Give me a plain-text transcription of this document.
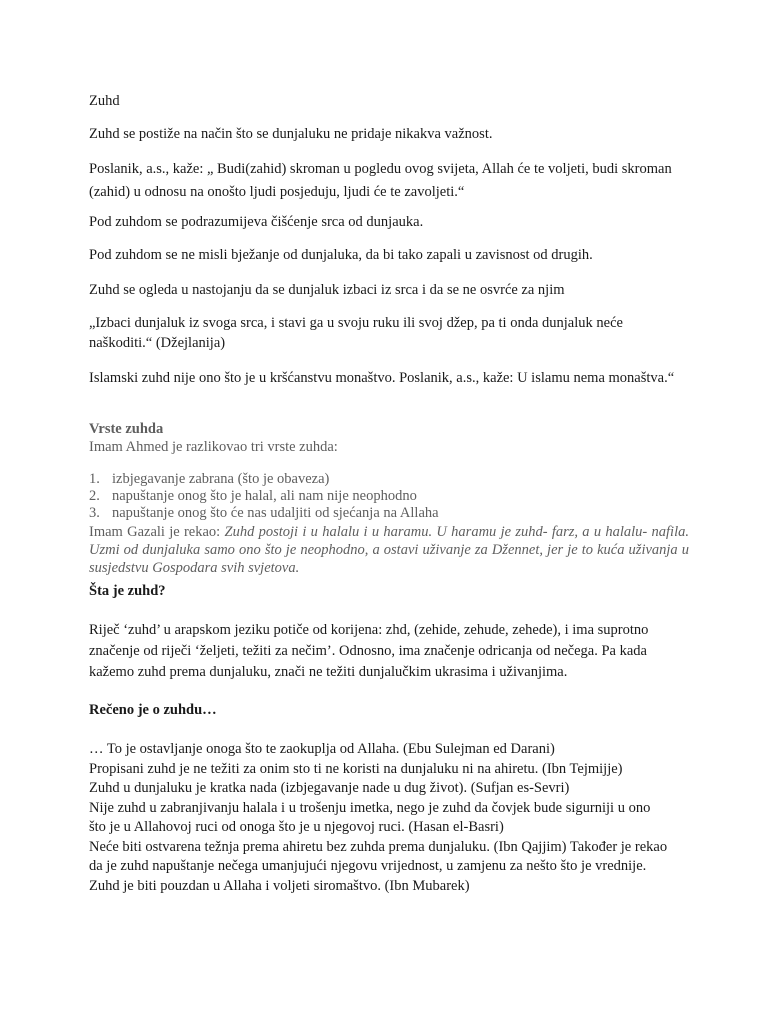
Zuhd

Zuhd se postiže na način što se dunjaluku ne pridaje nikakva važnost.

Poslanik, a.s., kaže: „ Budi(zahid) skroman u pogledu ovog svijeta, Allah će te voljeti, budi skroman (zahid) u odnosu na onošto ljudi posjeduju, ljudi će te zavoljeti.“

Pod zuhdom se podrazumijeva čišćenje srca od dunjauka.

Pod zuhdom se ne misli bježanje od dunjaluka, da bi tako zapali u zavisnost od drugih.

Zuhd se ogleda u nastojanju da se dunjaluk izbaci iz srca i da se ne osvrće za njim

„Izbaci dunjaluk iz svoga srca, i stavi ga u svoju ruku ili svoj džep, pa ti onda dunjaluk neće naškoditi.“ (Džejlanija)

Islamski zuhd nije ono što je u kršćanstvu monaštvo. Poslanik, a.s., kaže: U islamu nema monaštva.“

Vrste zuhda

Imam Ahmed je razlikovao tri vrste zuhda:

1. izbjegavanje zabrana (što je obaveza)
2. napuštanje onog što je halal, ali nam nije neophodno
3. napuštanje onog što će nas udaljiti od sjećanja na Allaha

Imam Gazali je rekao: Zuhd postoji i u halalu i u haramu. U haramu je zuhd- farz, a u halalu- nafila. Uzmi od dunjaluka samo ono što je neophodno, a ostavi uživanje za Džennet, jer je to kuća uživanja u susjedstvu Gospodara svih svjetova.

Šta je zuhd?

Riječ ‘zuhd’ u arapskom jeziku potiče od korijena: zhd, (zehide, zehude, zehede), i ima suprotno značenje od riječi ‘željeti, težiti za nečim’. Odnosno, ima značenje odricanja od nečega. Pa kada kažemo zuhd prema dunjaluku, znači ne težiti dunjalučkim ukrasima i uživanjima.

Rečeno je o zuhdu…

… To je ostavljanje onoga što te zaokuplja od Allaha. (Ebu Sulejman ed Darani)
Propisani zuhd je ne težiti za onim sto ti ne koristi na dunjaluku ni na ahiretu. (Ibn Tejmijje)
Zuhd u dunjaluku je kratka nada (izbjegavanje nade u dug život). (Sufjan es-Sevri)
Nije zuhd u zabranjivanju halala i u trošenju imetka, nego je zuhd da čovjek bude sigurniji u ono što je u Allahovoj ruci od onoga što je u njegovoj ruci. (Hasan el-Basri)
Neće biti ostvarena težnja prema ahiretu bez zuhda prema dunjaluku. (Ibn Qajjim) Također je rekao da je zuhd napuštanje nečega umanjujući njegovu vrijednost, u zamjenu za nešto što je vrednije.
Zuhd je biti pouzdan u Allaha i voljeti siromaštvo. (Ibn Mubarek)
